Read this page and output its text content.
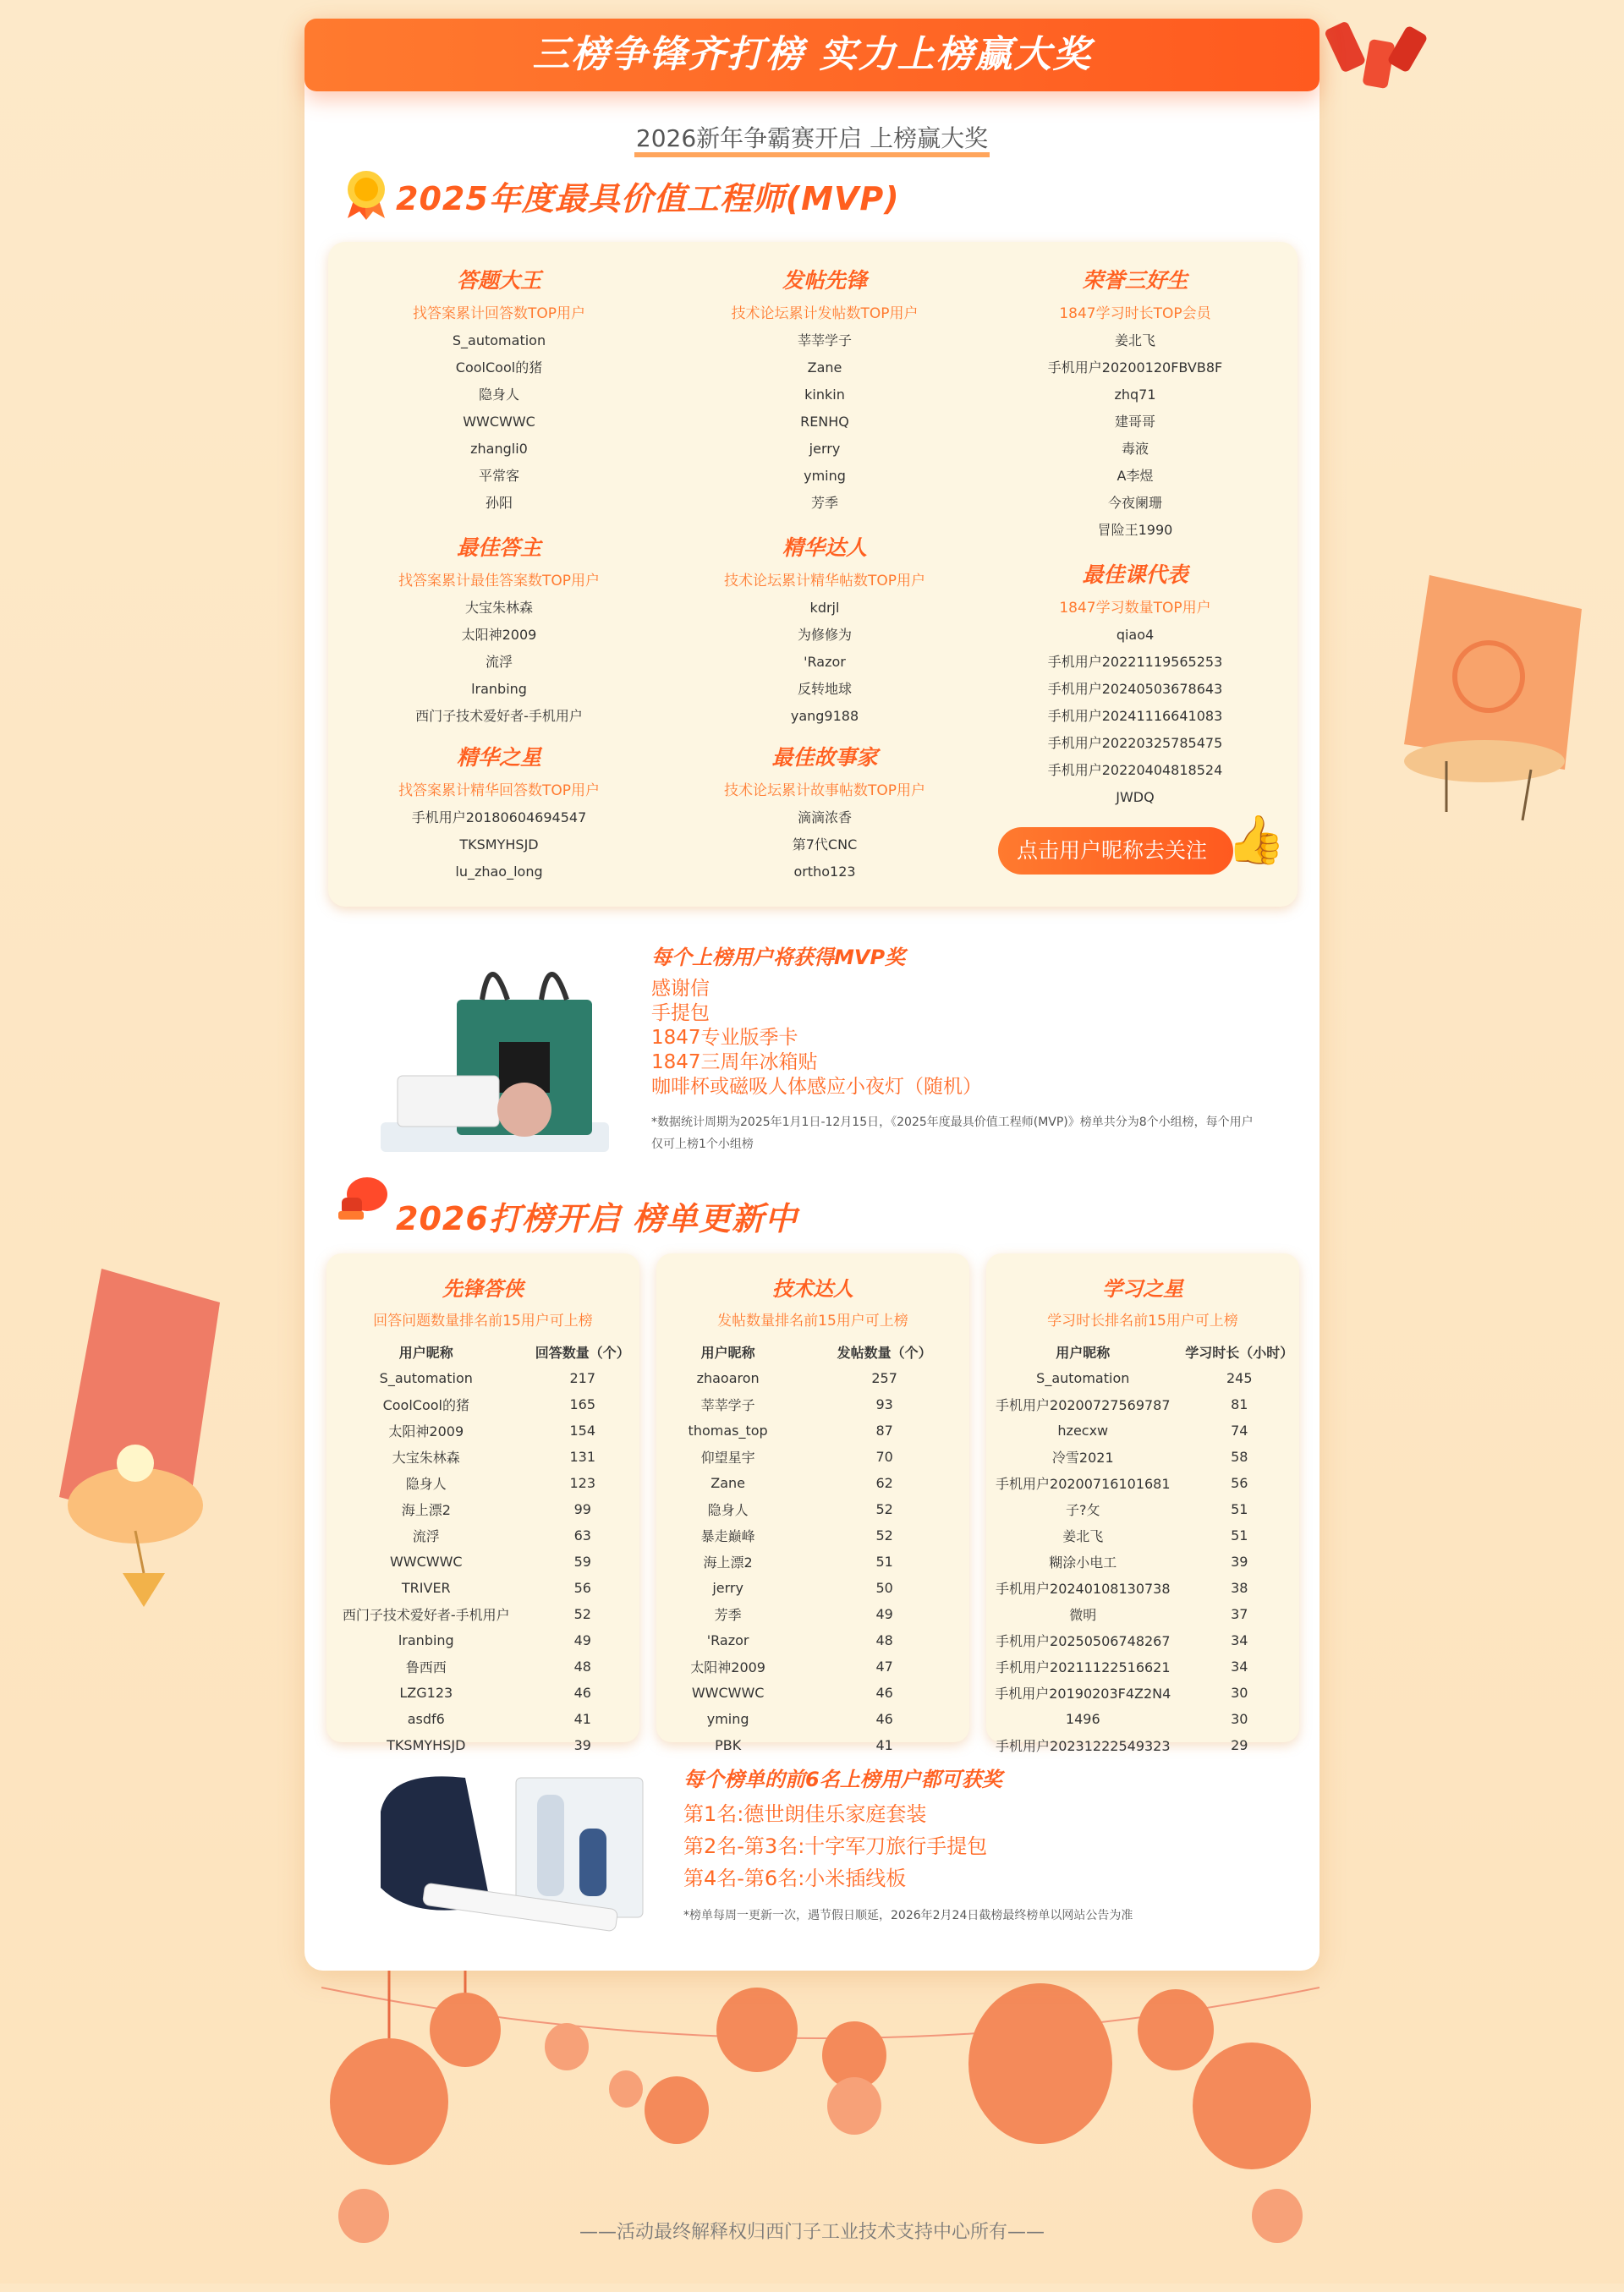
三榜争锋齐打榜 实力上榜赢大奖
2026新年争霸赛开启 上榜赢大奖
2025年度最具价值工程师(MVP)
答题大王
找答案累计回答数TOP用户
S_automation
CoolCool的猪
隐身人
WWCWWC
zhangli0
平常客
孙阳
最佳答主
找答案累计最佳答案数TOP用户
大宝朱林森
太阳神2009
流浮
lranbing
西门子技术爱好者-手机用户
精华之星
找答案累计精华回答数TOP用户
手机用户20180604694547
TKSMYHSJD
lu_zhao_long
发帖先锋
技术论坛累计发帖数TOP用户
莘莘学子
Zane
kinkin
RENHQ
jerry
yming
芳季
精华达人
技术论坛累计精华帖数TOP用户
kdrjl
为修修为
'Razor
反转地球
yang9188
最佳故事家
技术论坛累计故事帖数TOP用户
滴滴浓香
第7代CNC
ortho123
荣誉三好生
1847学习时长TOP会员
姜北飞
手机用户20200120FBVB8F
zhq71
建哥哥
毒液
A李煜
今夜阑珊
冒险王1990
最佳课代表
1847学习数量TOP用户
qiao4
手机用户20221119565253
手机用户20240503678643
手机用户20241116641083
手机用户20220325785475
手机用户20220404818524
JWDQ
点击用户昵称去关注 👍
每个上榜用户将获得MVP奖
感谢信
手提包
1847专业版季卡
1847三周年冰箱贴
咖啡杯或磁吸人体感应小夜灯（随机）
*数据统计周期为2025年1月1日-12月15日，《2025年度最具价值工程师(MVP)》榜单共分为8个小组榜，每个用户仅可上榜1个小组榜
2026打榜开启 榜单更新中
先锋答侠
回答问题数量排名前15用户可上榜
用户昵称	回答数量（个）
S_automation	217
CoolCool的猪	165
太阳神2009	154
大宝朱林森	131
隐身人	123
海上漂2	99
流浮	63
WWCWWC	59
TRIVER	56
西门子技术爱好者-手机用户	52
lranbing	49
鲁西西	48
LZG123	46
asdf6	41
TKSMYHSJD	39
技术达人
发帖数量排名前15用户可上榜
用户昵称	发帖数量（个）
zhaoaron	257
莘莘学子	93
thomas_top	87
仰望星宇	70
Zane	62
隐身人	52
暴走巅峰	52
海上漂2	51
jerry	50
芳季	49
'Razor	48
太阳神2009	47
WWCWWC	46
yming	46
PBK	41
学习之星
学习时长排名前15用户可上榜
用户昵称	学习时长（小时）
S_automation	245
手机用户20200727569787	81
hzecxw	74
冷雪2021	58
手机用户20200716101681	56
子?攵	51
姜北飞	51
糊涂小电工	39
手机用户20240108130738	38
微明	37
手机用户20250506748267	34
手机用户20211122516621	34
手机用户20190203F4Z2N4	30
1496	30
手机用户20231222549323	29
每个榜单的前6名上榜用户都可获奖
第1名:德世朗佳乐家庭套装
第2名-第3名:十字军刀旅行手提包
第4名-第6名:小米插线板
*榜单每周一更新一次，遇节假日顺延，2026年2月24日截榜最终榜单以网站公告为准
——活动最终解释权归西门子工业技术支持中心所有——
